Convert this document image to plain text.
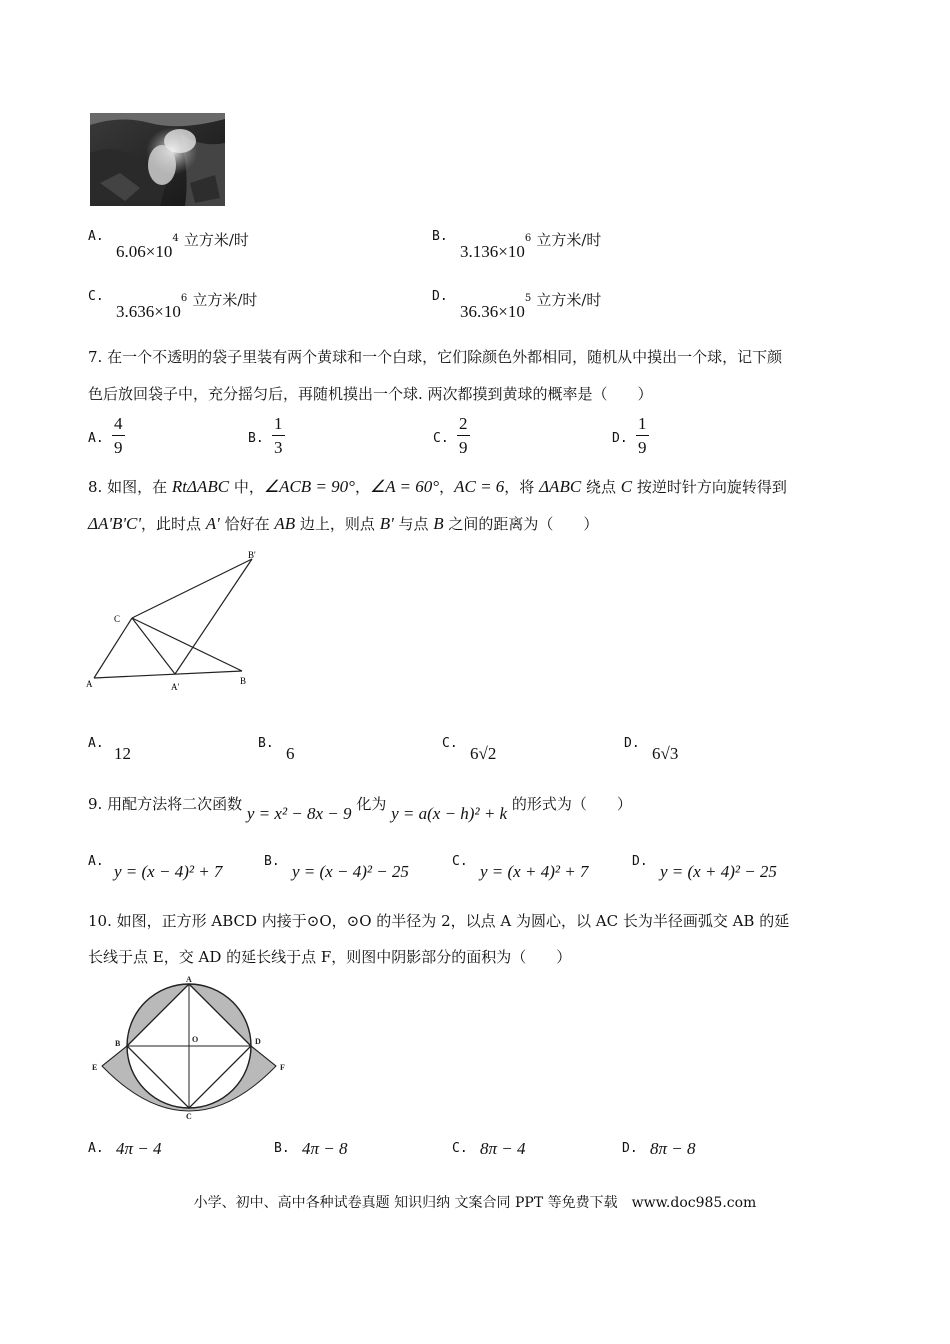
A.
$6.06\times 10^4$ 立方米/时	B.
$3.136\times 10^6$ 立方米/时
C.
$3.636\times 10^6$ 立方米/时	D.
$36.36\times 10^5$ 立方米/时
7. 在一个不透明的袋子里装有两个黄球和一个白球，它们除颜色外都相同，随机从中摸出一个球，记下颜
色后放回袋子中，充分摇匀后，再随机摸出一个球. 两次都摸到黄球的概率是（　　）
A. $\frac{4}{9}$	B. $\frac{1}{3}$	C. $\frac{2}{9}$	D. $\frac{1}{9}$
8. 如图，在 RtΔABC 中，∠ACB = 90°，∠A = 60°，AC = 6，将 ΔABC 绕点 C 按逆时针方向旋转得到
ΔA'B'C'，此时点 A' 恰好在 AB 边上，则点 B' 与点 B 之间的距离为（　　）
C
A	A'
B
B'
A.
12
B.
6
C.
6√2
D.
6√3
9. 用配方法将二次函数 y = x² − 8x − 9 化为 y = a(x − h)² + k 的形式为（　　）
A.
y = (x − 4)² + 7
B.
y = (x − 4)² − 25
C.
y = (x + 4)² + 7
D.
y = (x + 4)² − 25
10. 如图，正方形 ABCD 内接于⊙O，⊙O 的半径为 2，以点 A 为圆心，以 AC 长为半径画弧交 AB 的延
长线于点 E，交 AD 的延长线于点 F，则图中阴影部分的面积为（　　）
A
B
C
D
E	F
O
A. 4π − 4	B. 4π − 8	C. 8π − 4	D. 8π − 8
小学、初中、高中各种试卷真题 知识归纳 文案合同 PPT 等免费下载　www.doc985.com
